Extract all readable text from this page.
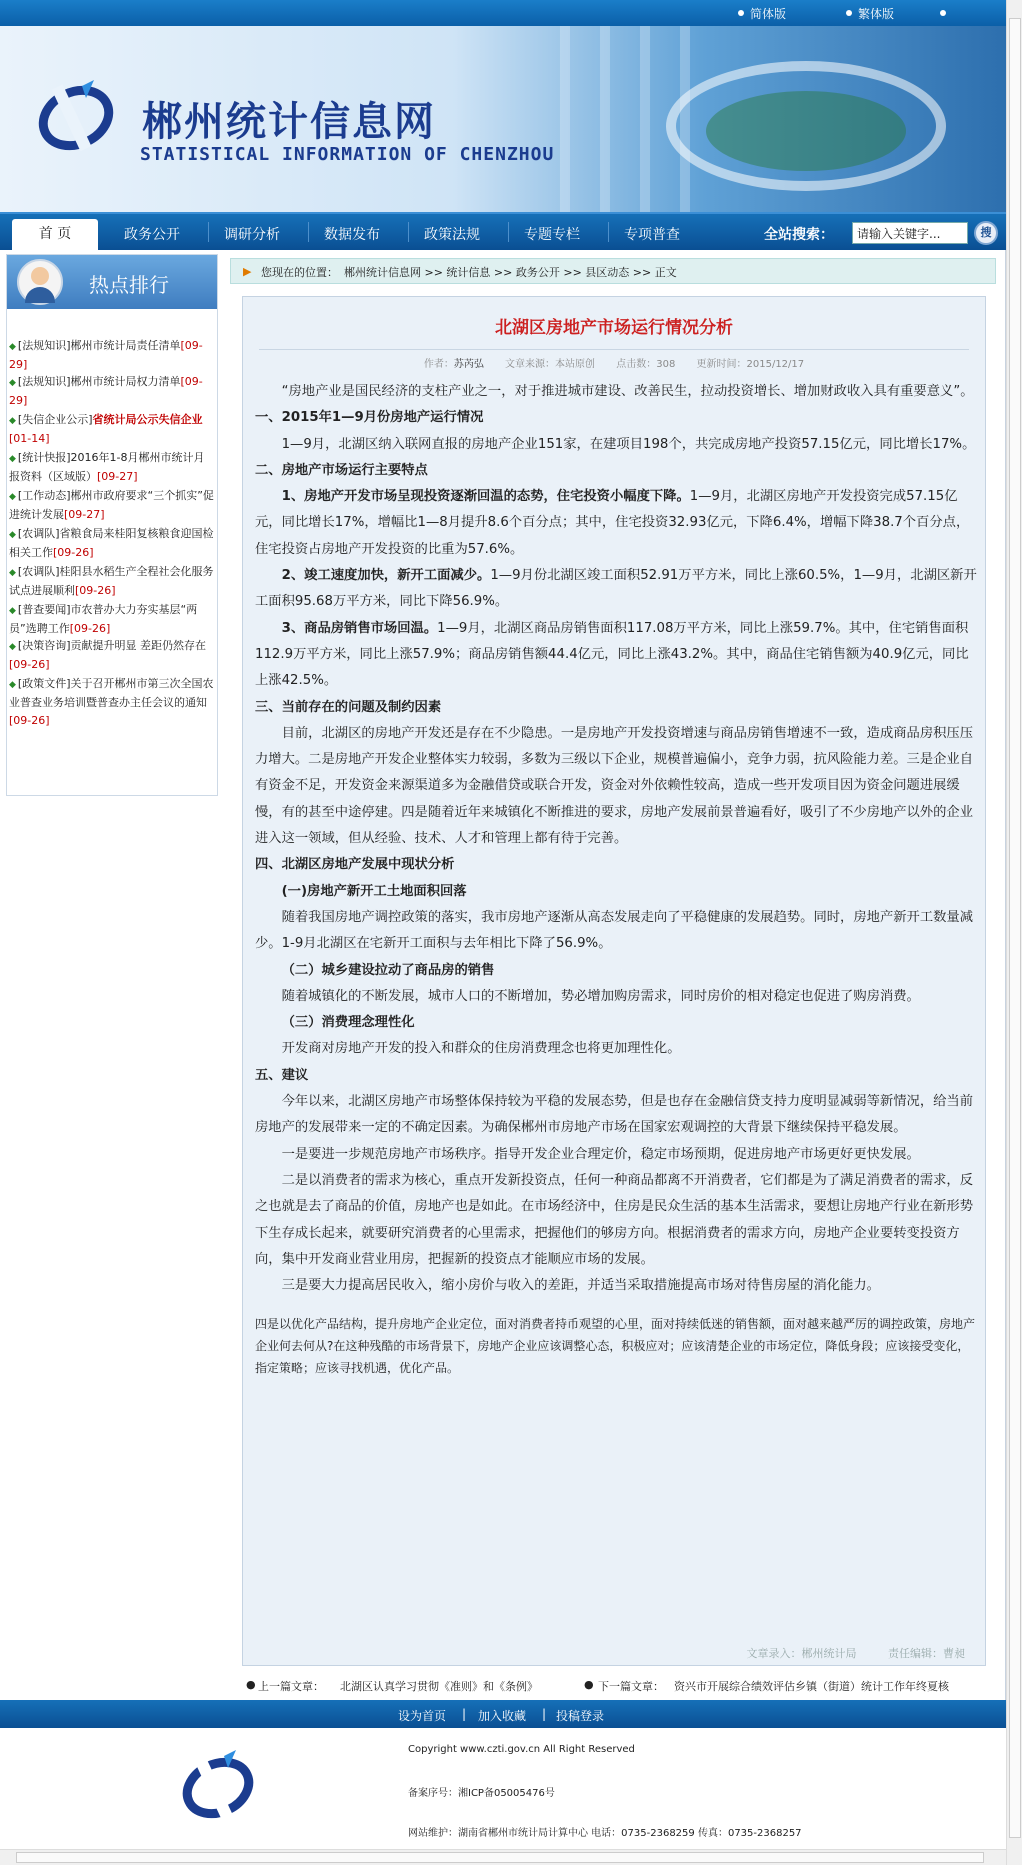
简体版	繁体版
郴州统计信息网
STATISTICAL INFORMATION OF CHENZHOU
首 页	政务公开	调研分析	数据发布	政策法规	专题专栏	专项普查	全站搜索：
请输入关键字...	搜
热点排行
◆ [法规知识]郴州市统计局责任清单[09-29]
◆ [法规知识]郴州市统计局权力清单[09-29]
◆ [失信企业公示]省统计局公示失信企业[01-14]
◆ [统计快报]2016年1-8月郴州市统计月报资料（区域版）[09-27]
◆ [工作动态]郴州市政府要求“三个抓实”促进统计发展[09-27]
◆ [农调队]省粮食局来桂阳复核粮食迎国检相关工作[09-26]
◆ [农调队]桂阳县水稻生产全程社会化服务试点进展顺利[09-26]
◆ [普查要闻]市农普办大力夯实基层“两员”选聘工作[09-26]
◆ [决策咨询]贡献提升明显 差距仍然存在[09-26]
◆ [政策文件]关于召开郴州市第三次全国农业普查业务培训暨普查办主任会议的通知[09-26]
▶ 您现在的位置： 郴州统计信息网 >> 统计信息 >> 政务公开 >> 县区动态 >> 正文
北湖区房地产市场运行情况分析
作者：苏芮弘 文章来源：本站原创 点击数：308 更新时间：2015/12/17

“房地产业是国民经济的支柱产业之一，对于推进城市建设、改善民生，拉动投资增长、增加财政收入具有重要意义”。

一、2015年1—9月份房地产运行情况

1—9月，北湖区纳入联网直报的房地产企业151家，在建项目198个，共完成房地产投资57.15亿元，同比增长17%。

二、房地产市场运行主要特点

1、房地产开发市场呈现投资逐渐回温的态势，住宅投资小幅度下降。1—9月，北湖区房地产开发投资完成57.15亿元，同比增长17%，增幅比1—8月提升8.6个百分点；其中，住宅投资32.93亿元，下降6.4%，增幅下降38.7个百分点，住宅投资占房地产开发投资的比重为57.6%。

2、竣工速度加快，新开工面减少。1—9月份北湖区竣工面积52.91万平方米，同比上涨60.5%，1—9月，北湖区新开工面积95.68万平方米，同比下降56.9%。

3、商品房销售市场回温。1—9月，北湖区商品房销售面积117.08万平方米，同比上涨59.7%。其中，住宅销售面积112.9万平方米，同比上涨57.9%；商品房销售额44.4亿元，同比上涨43.2%。其中，商品住宅销售额为40.9亿元，同比上涨42.5%。

三、当前存在的问题及制约因素

目前，北湖区的房地产开发还是存在不少隐患。一是房地产开发投资增速与商品房销售增速不一致，造成商品房积压压力增大。二是房地产开发企业整体实力较弱，多数为三级以下企业，规模普遍偏小，竞争力弱，抗风险能力差。三是企业自有资金不足，开发资金来源渠道多为金融借贷或联合开发，资金对外依赖性较高，造成一些开发项目因为资金问题进展缓慢，有的甚至中途停建。四是随着近年来城镇化不断推进的要求，房地产发展前景普遍看好，吸引了不少房地产以外的企业进入这一领域，但从经验、技术、人才和管理上都有待于完善。

四、北湖区房地产发展中现状分析

(一)房地产新开工土地面积回落

随着我国房地产调控政策的落实，我市房地产逐渐从高态发展走向了平稳健康的发展趋势。同时，房地产新开工数量减少。1-9月北湖区在宅新开工面积与去年相比下降了56.9%。

（二）城乡建设拉动了商品房的销售

随着城镇化的不断发展，城市人口的不断增加，势必增加购房需求，同时房价的相对稳定也促进了购房消费。

（三）消费理念理性化

开发商对房地产开发的投入和群众的住房消费理念也将更加理性化。

五、建议

今年以来，北湖区房地产市场整体保持较为平稳的发展态势，但是也存在金融信贷支持力度明显减弱等新情况，给当前房地产的发展带来一定的不确定因素。为确保郴州市房地产市场在国家宏观调控的大背景下继续保持平稳发展。

一是要进一步规范房地产市场秩序。指导开发企业合理定价，稳定市场预期，促进房地产市场更好更快发展。

二是以消费者的需求为核心，重点开发新投资点，任何一种商品都离不开消费者，它们都是为了满足消费者的需求，反之也就是去了商品的价值，房地产也是如此。在市场经济中，住房是民众生活的基本生活需求，要想让房地产行业在新形势下生存成长起来，就要研究消费者的心里需求，把握他们的够房方向。根据消费者的需求方向，房地产企业要转变投资方向，集中开发商业营业用房，把握新的投资点才能顺应市场的发展。

三是要大力提高居民收入，缩小房价与收入的差距，并适当采取措施提高市场对待售房屋的消化能力。

四是以优化产品结构，提升房地产企业定位，面对消费者持币观望的心里，面对持续低迷的销售额，面对越来越严厉的调控政策，房地产企业何去何从?在这种残酷的市场背景下，房地产企业应该调整心态，积极应对；应该清楚企业的市场定位，降低身段；应该接受变化，指定策略；应该寻找机遇，优化产品。

文章录入：郴州统计局	责任编辑：曹昶
● 上一篇文章： 北湖区认真学习贯彻《准则》和《条例》	● 下一篇文章： 资兴市开展综合绩效评估乡镇（街道）统计工作年终夏核
设为首页 | 加入收藏 | 投稿登录
Copyright www.czti.gov.cn All Right Reserved
备案序号：湘ICP备05005476号
网站维护：湖南省郴州市统计局计算中心 电话：0735-2368259 传真：0735-2368257
